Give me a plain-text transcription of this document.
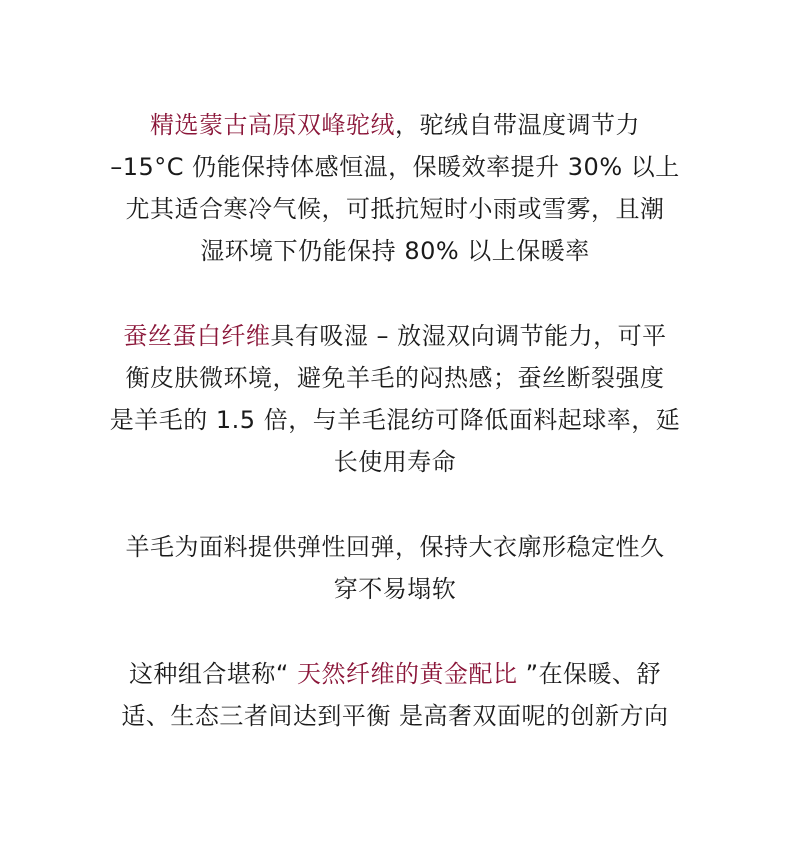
精选蒙古高原双峰驼绒，驼绒自带温度调节力
–15°C 仍能保持体感恒温，保暖效率提升 30% 以上
尤其适合寒冷气候，可抵抗短时小雨或雪雾，且潮
湿环境下仍能保持 80% 以上保暖率

蚕丝蛋白纤维具有吸湿 – 放湿双向调节能力，可平
衡皮肤微环境，避免羊毛的闷热感；蚕丝断裂强度
是羊毛的 1.5 倍，与羊毛混纺可降低面料起球率，延
长使用寿命

羊毛为面料提供弹性回弹，保持大衣廓形稳定性久
穿不易塌软

这种组合堪称“ 天然纤维的黄金配比 ”在保暖、舒
适、生态三者间达到平衡 是高奢双面呢的创新方向
